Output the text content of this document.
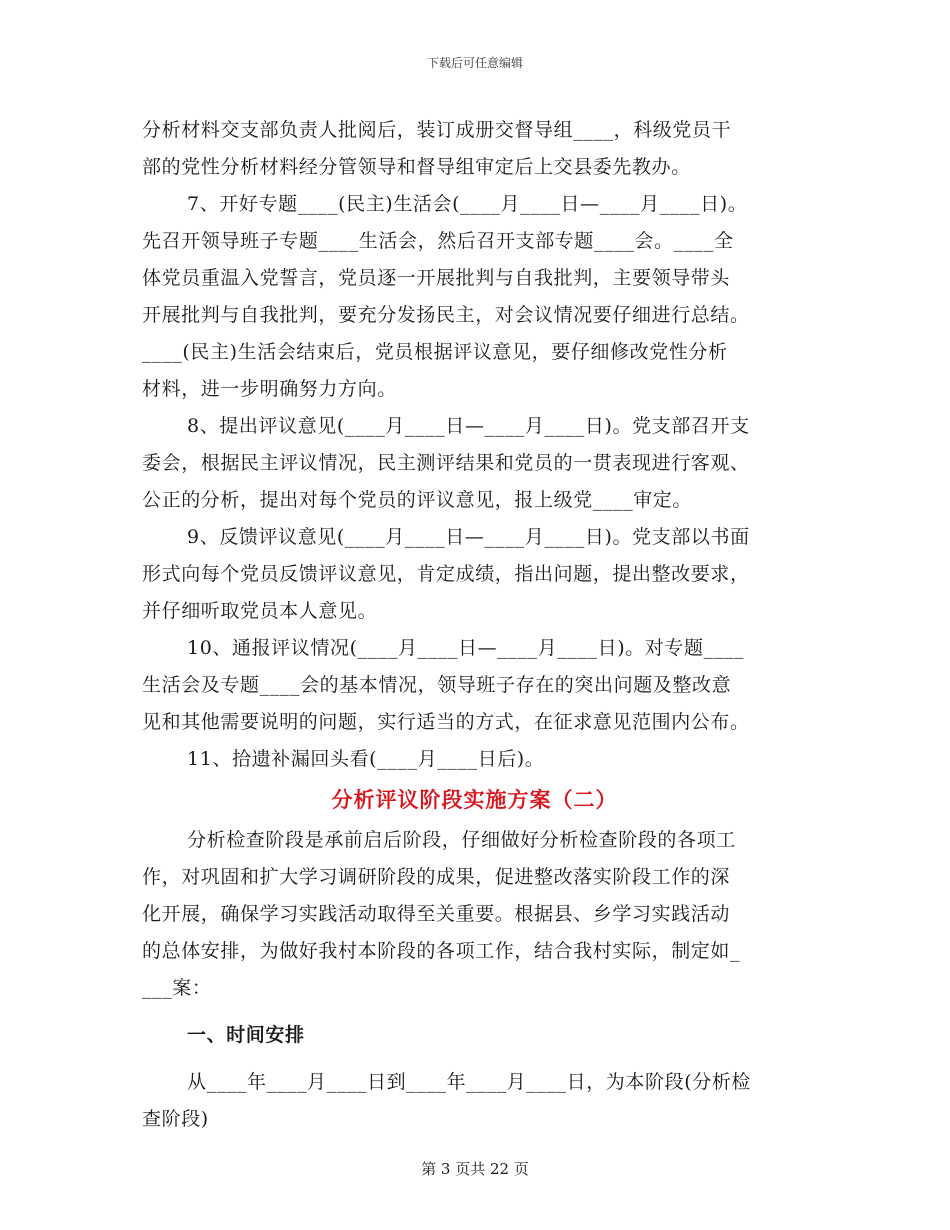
下载后可任意编辑
分析材料交支部负责人批阅后，装订成册交督导组____，科级党员干
部的党性分析材料经分管领导和督导组审定后上交县委先教办。
7、开好专题____(民主)生活会(____月____日—____月____日)。
先召开领导班子专题____生活会，然后召开支部专题____会。____全
体党员重温入党誓言，党员逐一开展批判与自我批判，主要领导带头
开展批判与自我批判，要充分发扬民主，对会议情况要仔细进行总结。
____(民主)生活会结束后，党员根据评议意见，要仔细修改党性分析
材料，进一步明确努力方向。
8、提出评议意见(____月____日—____月____日)。党支部召开支
委会，根据民主评议情况，民主测评结果和党员的一贯表现进行客观、
公正的分析，提出对每个党员的评议意见，报上级党____审定。
9、反馈评议意见(____月____日—____月____日)。党支部以书面
形式向每个党员反馈评议意见，肯定成绩，指出问题，提出整改要求，
并仔细听取党员本人意见。
10、通报评议情况(____月____日—____月____日)。对专题____
生活会及专题____会的基本情况，领导班子存在的突出问题及整改意
见和其他需要说明的问题，实行适当的方式，在征求意见范围内公布。
11、拾遗补漏回头看(____月____日后)。
分析评议阶段实施方案（二）
分析检查阶段是承前启后阶段，仔细做好分析检查阶段的各项工
作，对巩固和扩大学习调研阶段的成果，促进整改落实阶段工作的深
化开展，确保学习实践活动取得至关重要。根据县、乡学习实践活动
的总体安排，为做好我村本阶段的各项工作，结合我村实际，制定如_
___案：
一、时间安排
从____年____月____日到____年____月____日，为本阶段(分析检
查阶段)
第 3 页共 22 页
